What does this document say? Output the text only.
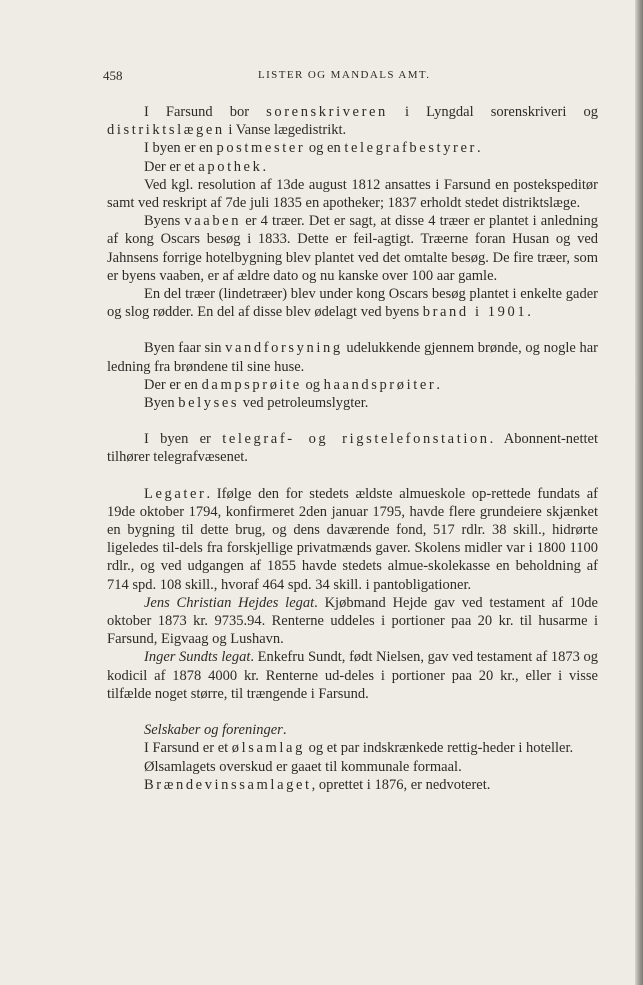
458	LISTER OG MANDALS AMT.

I Farsund bor sorenskriveren i Lyngdal sorenskriveri og distriktslægen i Vanse lægedistrikt.

I byen er en postmester og en telegrafbestyrer.

Der er et apothek.

Ved kgl. resolution af 13de august 1812 ansattes i Farsund en postekspeditør samt ved reskript af 7de juli 1835 en apotheker; 1837 erholdt stedet distriktslæge.

Byens vaaben er 4 træer. Det er sagt, at disse 4 træer er plantet i anledning af kong Oscars besøg i 1833. Dette er feil-agtigt. Træerne foran Husan og ved Jahnsens forrige hotelbygning blev plantet ved det omtalte besøg. De fire træer, som er byens vaaben, er af ældre dato og nu kanske over 100 aar gamle.

En del træer (lindetræer) blev under kong Oscars besøg plantet i enkelte gader og slog rødder. En del af disse blev ødelagt ved byens brand i 1901.

Byen faar sin vandforsyning udelukkende gjennem brønde, og nogle har ledning fra brøndene til sine huse.

Der er en dampsprøite og haandsprøiter.

Byen belyses ved petroleumslygter.

I byen er telegraf- og rigstelefonstation. Abonnent-nettet tilhører telegrafvæsenet.

Legater. Ifølge den for stedets ældste almueskole op-rettede fundats af 19de oktober 1794, konfirmeret 2den januar 1795, havde flere grundeiere skjænket en bygning til dette brug, og dens daværende fond, 517 rdlr. 38 skill., hidrørte ligeledes til-dels fra forskjellige privatmænds gaver. Skolens midler var i 1800 1100 rdlr., og ved udgangen af 1855 havde stedets almue-skolekasse en beholdning af 714 spd. 108 skill., hvoraf 464 spd. 34 skill. i pantobligationer.

Jens Christian Hejdes legat. Kjøbmand Hejde gav ved testament af 10de oktober 1873 kr. 9735.94. Renterne uddeles i portioner paa 20 kr. til husarme i Farsund, Eigvaag og Lushavn.

Inger Sundts legat. Enkefru Sundt, født Nielsen, gav ved testament af 1873 og kodicil af 1878 4000 kr. Renterne ud-deles i portioner paa 20 kr., eller i visse tilfælde noget større, til trængende i Farsund.

Selskaber og foreninger.

I Farsund er et ølsamlag og et par indskrænkede rettig-heder i hoteller.

Ølsamlagets overskud er gaaet til kommunale formaal.

Brændevinssamlaget, oprettet i 1876, er nedvoteret.
